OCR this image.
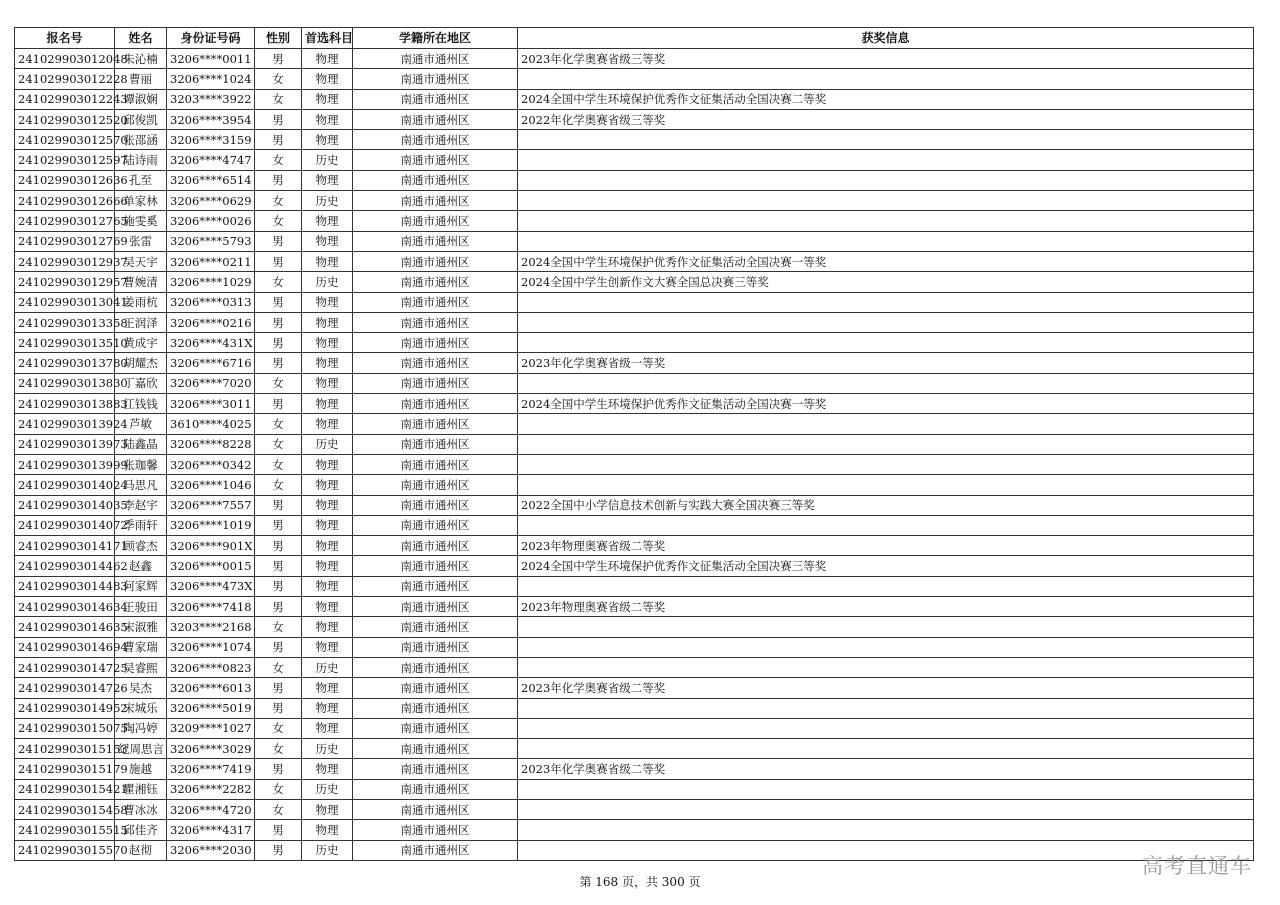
报名号	姓名	身份证号码	性别	首选科目	学籍所在地区	获奖信息
241029903012048	朱沁楠	3206****0011	男	物理	南通市通州区	2023年化学奥赛省级三等奖
241029903012228	曹丽	3206****1024	女	物理	南通市通州区	
241029903012243	谭淑娴	3203****3922	女	物理	南通市通州区	2024全国中学生环境保护优秀作文征集活动全国决赛二等奖
241029903012520	邱俊凯	3206****3954	男	物理	南通市通州区	2022年化学奥赛省级三等奖
241029903012570	张邵涵	3206****3159	男	物理	南通市通州区	
241029903012597	陆诗雨	3206****4747	女	历史	南通市通州区	
241029903012636	孔至	3206****6514	男	物理	南通市通州区	
241029903012666	单家林	3206****0629	女	历史	南通市通州区	
241029903012765	施雯奚	3206****0026	女	物理	南通市通州区	
241029903012769	张雷	3206****5793	男	物理	南通市通州区	
241029903012937	吴天宇	3206****0211	男	物理	南通市通州区	2024全国中学生环境保护优秀作文征集活动全国决赛一等奖
241029903012957	曹婉清	3206****1029	女	历史	南通市通州区	2024全国中学生创新作文大赛全国总决赛三等奖
241029903013041	姜雨杭	3206****0313	男	物理	南通市通州区	
241029903013358	王润泽	3206****0216	男	物理	南通市通州区	
241029903013510	黄成宇	3206****431X	男	物理	南通市通州区	
241029903013780	胡耀杰	3206****6716	男	物理	南通市通州区	2023年化学奥赛省级一等奖
241029903013830	丁嘉欣	3206****7020	女	物理	南通市通州区	
241029903013883	江钱钱	3206****3011	男	物理	南通市通州区	2024全国中学生环境保护优秀作文征集活动全国决赛一等奖
241029903013924	芦敏	3610****4025	女	物理	南通市通州区	
241029903013973	陆鑫晶	3206****8228	女	历史	南通市通州区	
241029903013999	张珈馨	3206****0342	女	物理	南通市通州区	
241029903014024	马思凡	3206****1046	女	物理	南通市通州区	
241029903014035	李赵宇	3206****7557	男	物理	南通市通州区	2022全国中小学信息技术创新与实践大赛全国决赛三等奖
241029903014072	季雨轩	3206****1019	男	物理	南通市通州区	
241029903014171	顾睿杰	3206****901X	男	物理	南通市通州区	2023年物理奥赛省级二等奖
241029903014462	赵鑫	3206****0015	男	物理	南通市通州区	2024全国中学生环境保护优秀作文征集活动全国决赛三等奖
241029903014483	何家辉	3206****473X	男	物理	南通市通州区	
241029903014634	王骏田	3206****7418	男	物理	南通市通州区	2023年物理奥赛省级二等奖
241029903014635	宋淑雅	3203****2168	女	物理	南通市通州区	
241029903014694	曹家瑞	3206****1074	男	物理	南通市通州区	
241029903014725	吴睿熙	3206****0823	女	历史	南通市通州区	
241029903014726	吴杰	3206****6013	男	物理	南通市通州区	2023年化学奥赛省级二等奖
241029903014952	宋城乐	3206****5019	男	物理	南通市通州区	
241029903015075	陶冯婷	3209****1027	女	物理	南通市通州区	
241029903015153	纪周思言	3206****3029	女	历史	南通市通州区	
241029903015179	施越	3206****7419	男	物理	南通市通州区	2023年化学奥赛省级二等奖
241029903015421	瞿湘钰	3206****2282	女	历史	南通市通州区	
241029903015458	曹冰冰	3206****4720	女	物理	南通市通州区	
241029903015515	邱佳齐	3206****4317	男	物理	南通市通州区	
241029903015570	赵彻	3206****2030	男	历史	南通市通州区	
第 168 页，共 300 页
高考直通车
